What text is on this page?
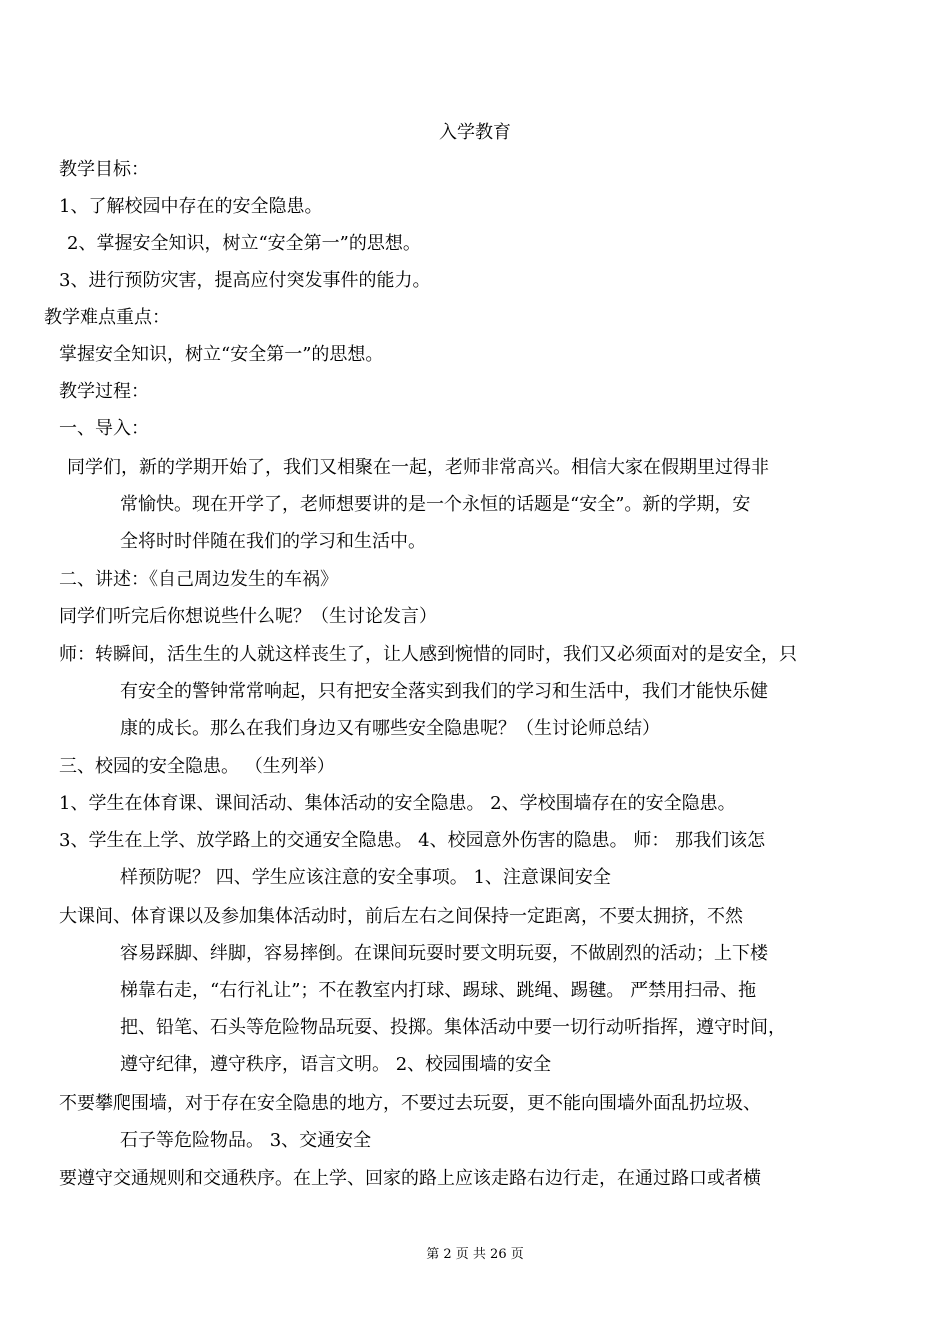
入学教育
教学目标：
1、了解校园中存在的安全隐患。
2、掌握安全知识，树立“安全第一”的思想。
3、进行预防灾害，提高应付突发事件的能力。
教学难点重点：
掌握安全知识，树立“安全第一”的思想。
教学过程：
一、导入：
同学们，新的学期开始了，我们又相聚在一起，老师非常高兴。相信大家在假期里过得非
常愉快。现在开学了，老师想要讲的是一个永恒的话题是“安全”。新的学期，安
全将时时伴随在我们的学习和生活中。
二、讲述：《自己周边发生的车祸》
同学们听完后你想说些什么呢？（生讨论发言）
师：转瞬间，活生生的人就这样丧生了，让人感到惋惜的同时，我们又必须面对的是安全，只
有安全的警钟常常响起，只有把安全落实到我们的学习和生活中，我们才能快乐健
康的成长。那么在我们身边又有哪些安全隐患呢？（生讨论师总结）
三、校园的安全隐患。 （生列举）
1、学生在体育课、课间活动、集体活动的安全隐患。 2、学校围墙存在的安全隐患。
3、学生在上学、放学路上的交通安全隐患。 4、校园意外伤害的隐患。 师： 那我们该怎
样预防呢？ 四、学生应该注意的安全事项。 1、注意课间安全
大课间、体育课以及参加集体活动时，前后左右之间保持一定距离，不要太拥挤，不然
容易踩脚、绊脚，容易摔倒。在课间玩耍时要文明玩耍，不做剧烈的活动；上下楼
梯靠右走，“右行礼让”；不在教室内打球、踢球、跳绳、踢毽。 严禁用扫帚、拖
把、铅笔、石头等危险物品玩耍、投掷。集体活动中要一切行动听指挥，遵守时间，
遵守纪律，遵守秩序，语言文明。 2、校园围墙的安全
不要攀爬围墙，对于存在安全隐患的地方，不要过去玩耍，更不能向围墙外面乱扔垃圾、
石子等危险物品。 3、交通安全
要遵守交通规则和交通秩序。在上学、回家的路上应该走路右边行走，在通过路口或者横
第 2 页 共 26 页
